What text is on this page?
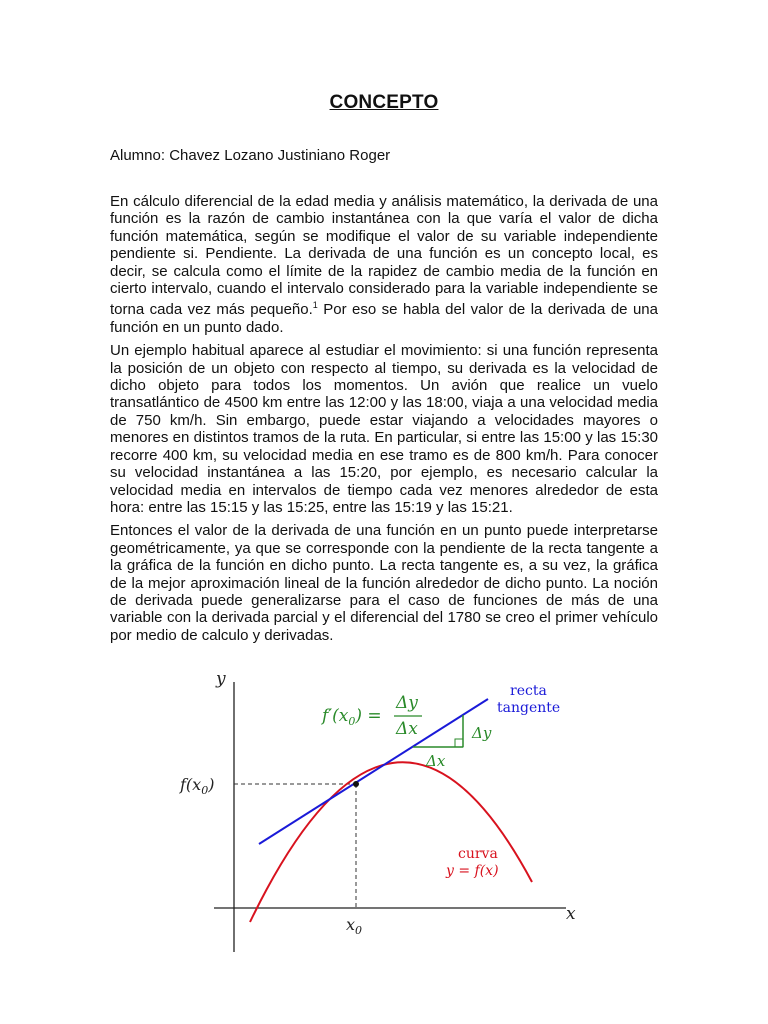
CONCEPTO
Alumno: Chavez Lozano Justiniano Roger

En cálculo diferencial de la edad media y análisis matemático, la derivada de una función es la razón de cambio instantánea con la que varía el valor de dicha función matemática, según se modifique el valor de su variable independiente pendiente si. Pendiente. La derivada de una función es un concepto local, es decir, se calcula como el límite de la rapidez de cambio media de la función en cierto intervalo, cuando el intervalo considerado para la variable independiente se torna cada vez más pequeño.$^1$ Por eso se habla del valor de la derivada de una función en un punto dado.

Un ejemplo habitual aparece al estudiar el movimiento: si una función representa la posición de un objeto con respecto al tiempo, su derivada es la velocidad de dicho objeto para todos los momentos. Un avión que realice un vuelo transatlántico de 4500 km entre las 12:00 y las 18:00, viaja a una velocidad media de 750 km/h. Sin embargo, puede estar viajando a velocidades mayores o menores en distintos tramos de la ruta. En particular, si entre las 15:00 y las 15:30 recorre 400 km, su velocidad media en ese tramo es de 800 km/h. Para conocer su velocidad instantánea a las 15:20, por ejemplo, es necesario calcular la velocidad media en intervalos de tiempo cada vez menores alrededor de esta hora: entre las 15:15 y las 15:25, entre las 15:19 y las 15:21.

Entonces el valor de la derivada de una función en un punto puede interpretarse geométricamente, ya que se corresponde con la pendiente de la recta tangente a la gráfica de la función en dicho punto. La recta tangente es, a su vez, la gráfica de la mejor aproximación lineal de la función alrededor de dicho punto. La noción de derivada puede generalizarse para el caso de funciones de más de una variable con la derivada parcial y el diferencial del 1780 se creo el primer vehículo por medio de calculo y derivadas.

y
x
$f(x_0)$
$x_0$
$f'(x_0)$ =
Δy
Δx
Δx
Δy
recta tangente
curva y = f(x)
